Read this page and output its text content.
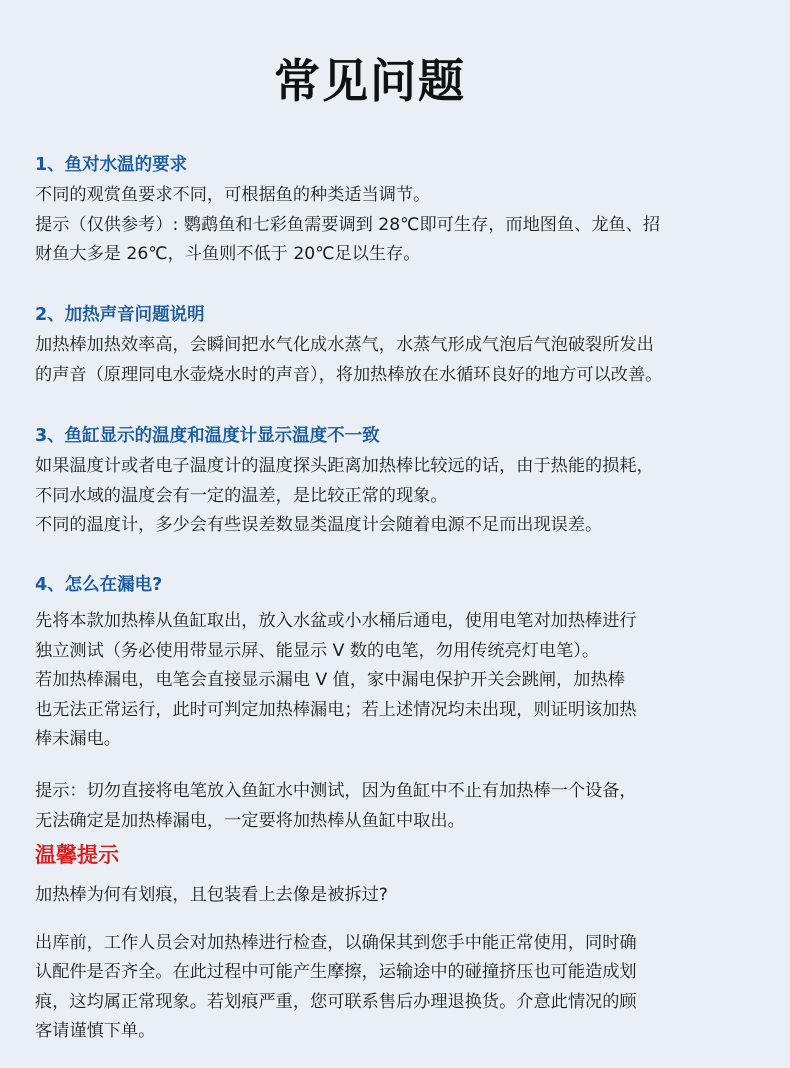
常见问题
1、鱼对水温的要求
不同的观赏鱼要求不同，可根据鱼的种类适当调节。
提示（仅供参考）: 鹦鹉鱼和七彩鱼需要调到 28℃即可生存，而地图鱼、龙鱼、招
财鱼大多是 26℃，斗鱼则不低于 20℃足以生存。
2、加热声音问题说明
加热棒加热效率高，会瞬间把水气化成水蒸气，水蒸气形成气泡后气泡破裂所发出
的声音（原理同电水壶烧水时的声音），将加热棒放在水循环良好的地方可以改善。
3、鱼缸显示的温度和温度计显示温度不一致
如果温度计或者电子温度计的温度探头距离加热棒比较远的话，由于热能的损耗，
不同水域的温度会有一定的温差，是比较正常的现象。
不同的温度计，多少会有些误差数显类温度计会随着电源不足而出现误差。
4、怎么在漏电?
先将本款加热棒从鱼缸取出，放入水盆或小水桶后通电，使用电笔对加热棒进行
独立测试（务必使用带显示屏、能显示 V 数的电笔，勿用传统亮灯电笔）。
若加热棒漏电，电笔会直接显示漏电 V 值，家中漏电保护开关会跳闸，加热棒
也无法正常运行，此时可判定加热棒漏电；若上述情况均未出现，则证明该加热
棒未漏电。
提示：切勿直接将电笔放入鱼缸水中测试，因为鱼缸中不止有加热棒一个设备，
无法确定是加热棒漏电，一定要将加热棒从鱼缸中取出。
温馨提示
加热棒为何有划痕，且包装看上去像是被拆过?
出库前，工作人员会对加热棒进行检查，以确保其到您手中能正常使用，同时确
认配件是否齐全。在此过程中可能产生摩擦，运输途中的碰撞挤压也可能造成划
痕，这均属正常现象。若划痕严重，您可联系售后办理退换货。介意此情况的顾
客请谨慎下单。
